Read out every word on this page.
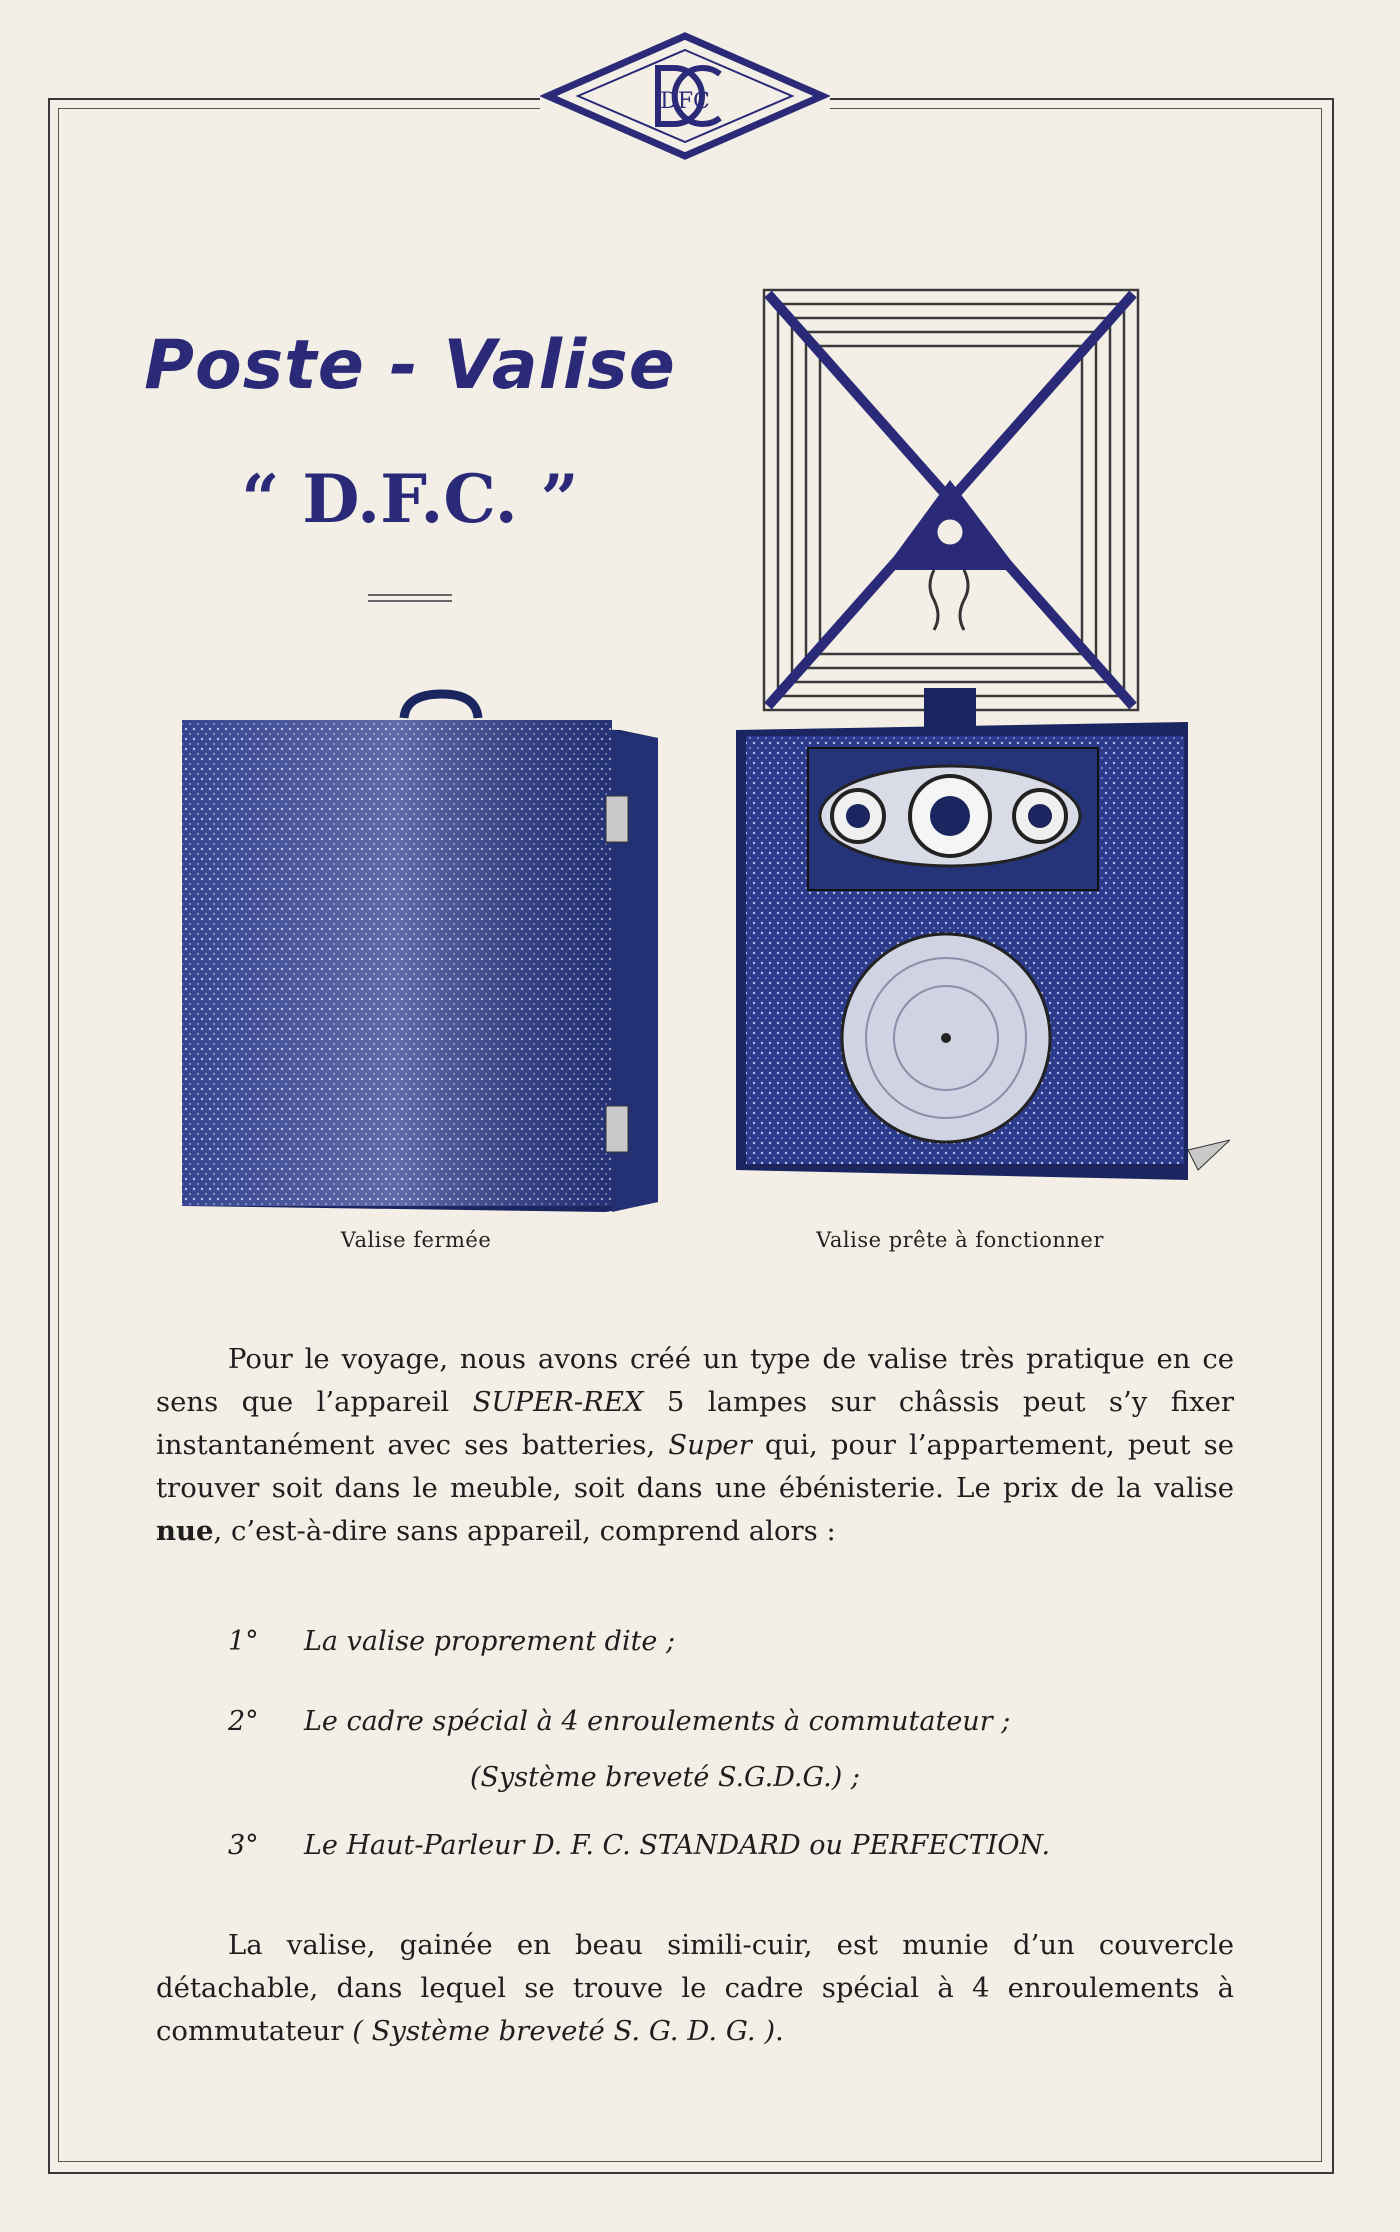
DFC
Poste - Valise
“ D.F.C. ”
Valise fermée	Valise prête à fonctionner

Pour le voyage, nous avons créé un type de valise très pratique en ce sens que l’appareil SUPER-REX 5 lampes sur châssis peut s’y fixer instantanément avec ses batteries, Super qui, pour l’appartement, peut se trouver soit dans le meuble, soit dans une ébénisterie. Le prix de la valise nue, c’est-à-dire sans appareil, comprend alors :

1° La valise proprement dite ;
2° Le cadre spécial à 4 enroulements à commutateur ;
(Système breveté S.G.D.G.) ;
3° Le Haut-Parleur D. F. C. STANDARD ou PERFECTION.

La valise, gainée en beau simili-cuir, est munie d’un couvercle détachable, dans lequel se trouve le cadre spécial à 4 enroulements à commutateur ( Système breveté S. G. D. G. ).
